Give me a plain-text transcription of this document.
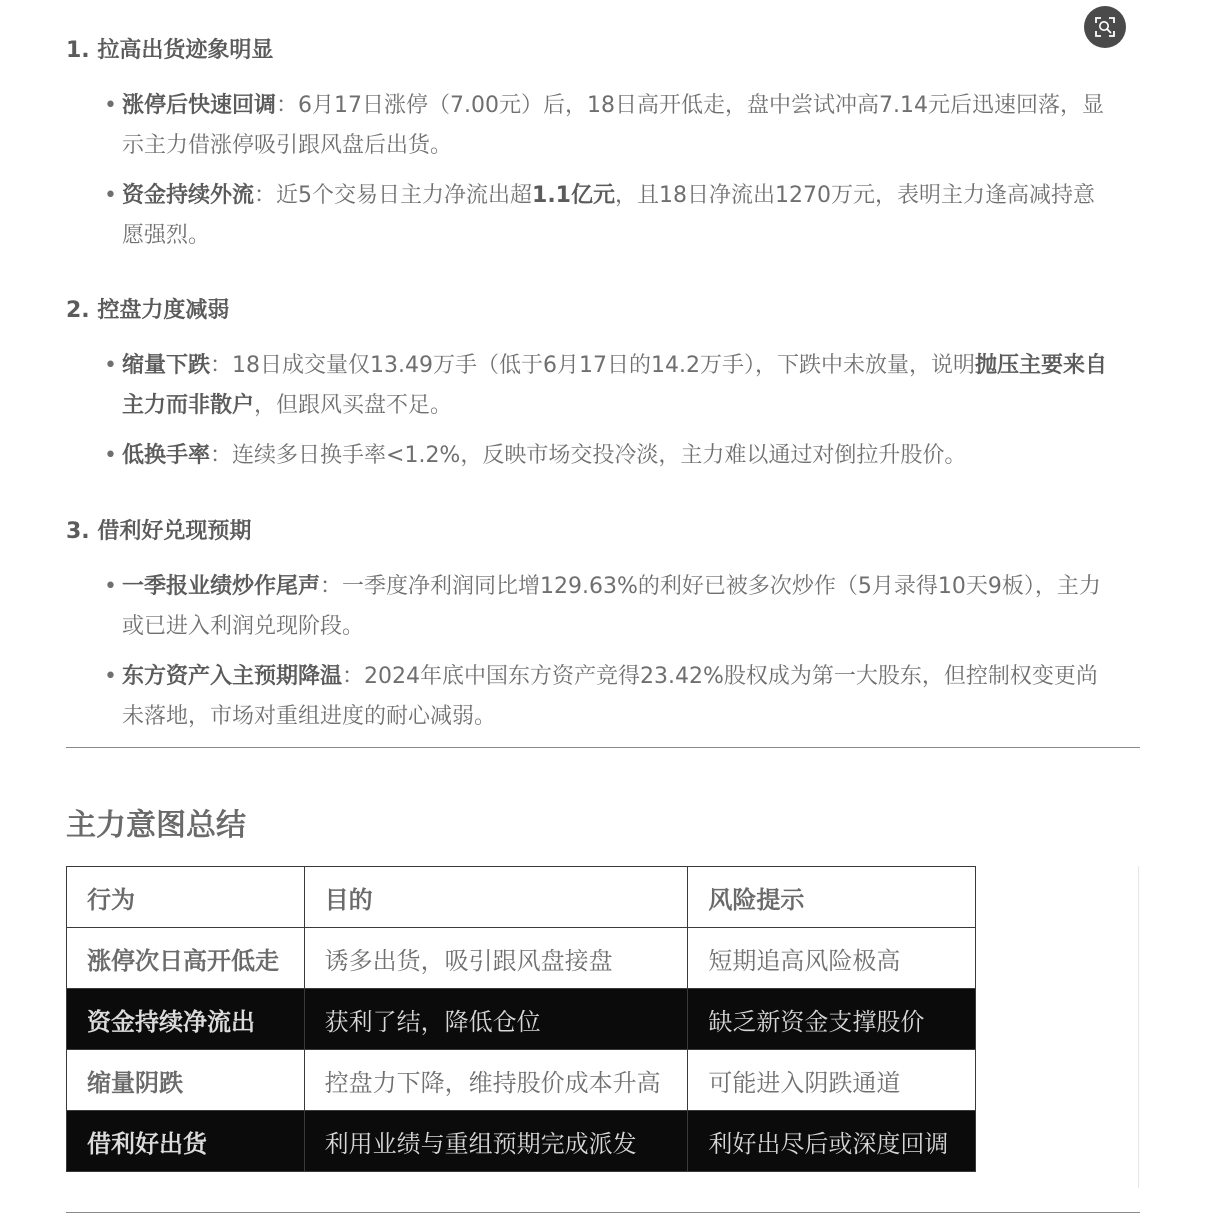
1. 拉高出货迹象明显
• 涨停后快速回调：6月17日涨停（7.00元）后，18日高开低走，盘中尝试冲高7.14元后迅速回落，显示主力借涨停吸引跟风盘后出货。
• 资金持续外流：近5个交易日主力净流出超1.1亿元，且18日净流出1270万元，表明主力逢高减持意愿强烈。
2. 控盘力度减弱
• 缩量下跌：18日成交量仅13.49万手（低于6月17日的14.2万手），下跌中未放量，说明抛压主要来自主力而非散户，但跟风买盘不足。
• 低换手率：连续多日换手率<1.2%，反映市场交投冷淡，主力难以通过对倒拉升股价。
3. 借利好兑现预期
• 一季报业绩炒作尾声：一季度净利润同比增129.63%的利好已被多次炒作（5月录得10天9板），主力或已进入利润兑现阶段。
• 东方资产入主预期降温：2024年底中国东方资产竞得23.42%股权成为第一大股东，但控制权变更尚未落地，市场对重组进度的耐心减弱。
主力意图总结
行为	目的	风险提示
涨停次日高开低走	诱多出货，吸引跟风盘接盘	短期追高风险极高
资金持续净流出	获利了结，降低仓位	缺乏新资金支撑股价
缩量阴跌	控盘力下降，维持股价成本升高	可能进入阴跌通道
借利好出货	利用业绩与重组预期完成派发	利好出尽后或深度回调
